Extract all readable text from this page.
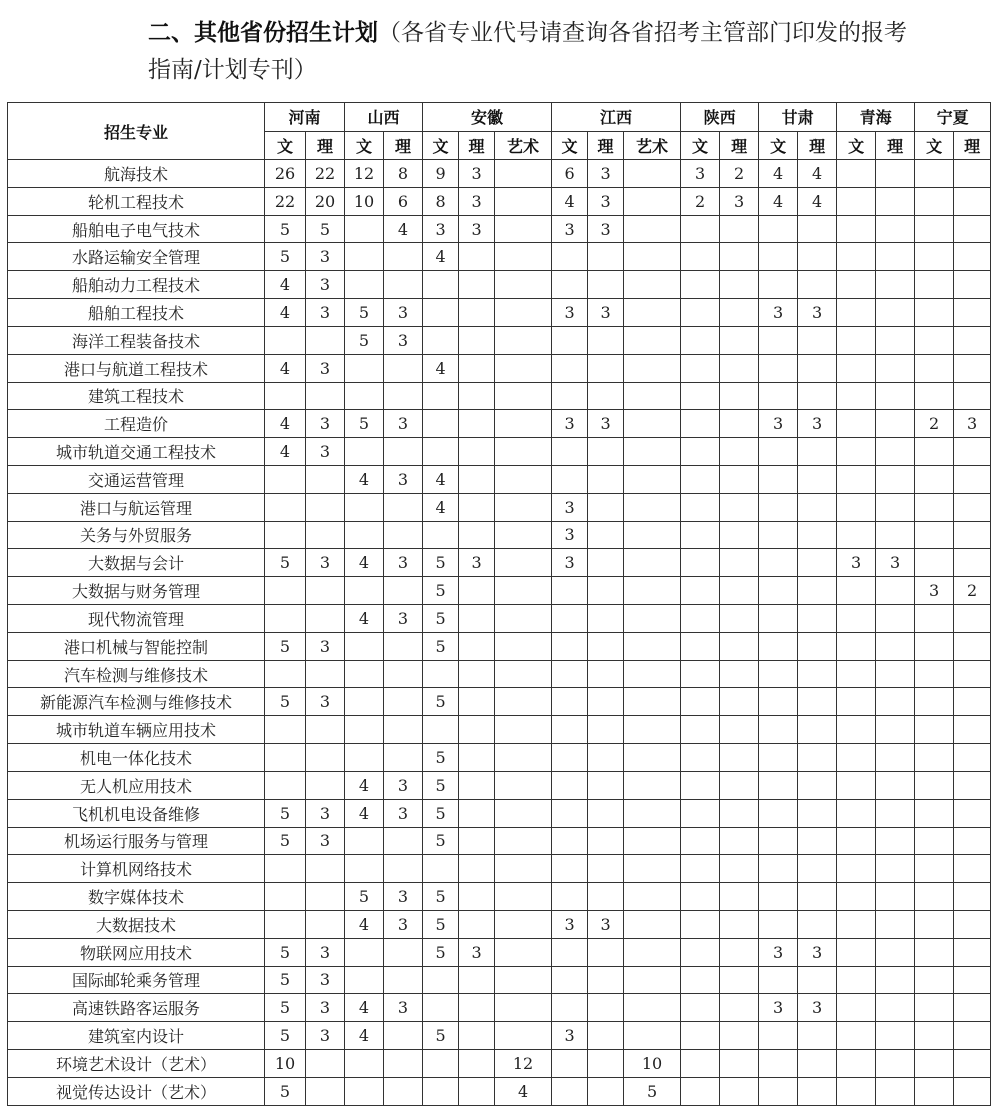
二、其他省份招生计划（各省专业代号请查询各省招考主管部门印发的报考指南/计划专刊）
招生专业	河南		山西		安徽			江西			陕西		甘肃		青海		宁夏	
	文	理	文	理	文	理	艺术	文	理	艺术	文	理	文	理	文	理	文	理
航海技术	26	22	12	8	9	3		6	3		3	2	4	4				
轮机工程技术	22	20	10	6	8	3		4	3		2	3	4	4				
船舶电子电气技术	5	5		4	3	3		3	3									
水路运输安全管理	5	3			4													
船舶动力工程技术	4	3																
船舶工程技术	4	3	5	3				3	3				3	3				
海洋工程装备技术			5	3														
港口与航道工程技术	4	3			4													
建筑工程技术																		
工程造价	4	3	5	3				3	3				3	3			2	3
城市轨道交通工程技术	4	3																
交通运营管理			4	3	4													
港口与航运管理					4			3										
关务与外贸服务								3										
大数据与会计	5	3	4	3	5	3		3							3	3		
大数据与财务管理					5												3	2
现代物流管理			4	3	5													
港口机械与智能控制	5	3			5													
汽车检测与维修技术																		
新能源汽车检测与维修技术	5	3			5													
城市轨道车辆应用技术																		
机电一体化技术					5													
无人机应用技术			4	3	5													
飞机机电设备维修	5	3	4	3	5													
机场运行服务与管理	5	3			5													
计算机网络技术																		
数字媒体技术			5	3	5													
大数据技术			4	3	5			3	3									
物联网应用技术	5	3			5	3							3	3				
国际邮轮乘务管理	5	3																
高速铁路客运服务	5	3	4	3									3	3				
建筑室内设计	5	3	4		5			3										
环境艺术设计（艺术）	10						12			10								
视觉传达设计（艺术）	5						4			5								
